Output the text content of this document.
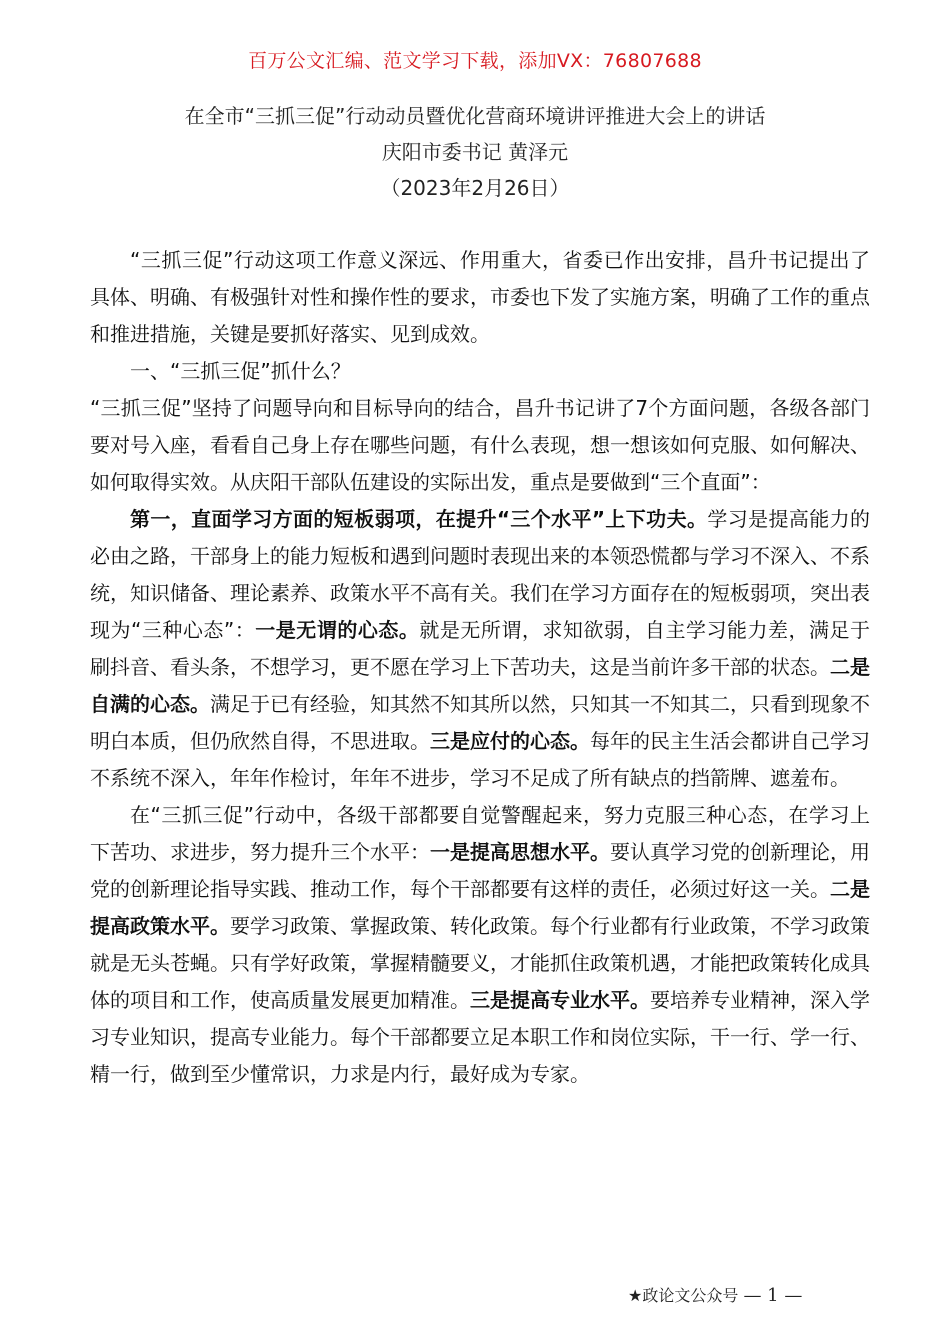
百万公文汇编、范文学习下载，添加VX：76807688
在全市“三抓三促”行动动员暨优化营商环境讲评推进大会上的讲话
庆阳市委书记 黄泽元
（2023年2月26日）

“三抓三促”行动这项工作意义深远、作用重大，省委已作出安排，昌升书记提出了具体、明确、有极强针对性和操作性的要求，市委也下发了实施方案，明确了工作的重点和推进措施，关键是要抓好落实、见到成效。

一、“三抓三促”抓什么？

“三抓三促”坚持了问题导向和目标导向的结合，昌升书记讲了7个方面问题，各级各部门要对号入座，看看自己身上存在哪些问题，有什么表现，想一想该如何克服、如何解决、如何取得实效。从庆阳干部队伍建设的实际出发，重点是要做到“三个直面”：

第一，直面学习方面的短板弱项，在提升“三个水平”上下功夫。学习是提高能力的必由之路，干部身上的能力短板和遇到问题时表现出来的本领恐慌都与学习不深入、不系统，知识储备、理论素养、政策水平不高有关。我们在学习方面存在的短板弱项，突出表现为“三种心态”：一是无谓的心态。就是无所谓，求知欲弱，自主学习能力差，满足于刷抖音、看头条，不想学习，更不愿在学习上下苦功夫，这是当前许多干部的状态。二是自满的心态。满足于已有经验，知其然不知其所以然，只知其一不知其二，只看到现象不明白本质，但仍欣然自得，不思进取。三是应付的心态。每年的民主生活会都讲自己学习不系统不深入，年年作检讨，年年不进步，学习不足成了所有缺点的挡箭牌、遮羞布。

在“三抓三促”行动中，各级干部都要自觉警醒起来，努力克服三种心态，在学习上下苦功、求进步，努力提升三个水平：一是提高思想水平。要认真学习党的创新理论，用党的创新理论指导实践、推动工作，每个干部都要有这样的责任，必须过好这一关。二是提高政策水平。要学习政策、掌握政策、转化政策。每个行业都有行业政策，不学习政策就是无头苍蝇。只有学好政策，掌握精髓要义，才能抓住政策机遇，才能把政策转化成具体的项目和工作，使高质量发展更加精准。三是提高专业水平。要培养专业精神，深入学习专业知识，提高专业能力。每个干部都要立足本职工作和岗位实际，干一行、学一行、精一行，做到至少懂常识，力求是内行，最好成为专家。

★政论文公众号 — 1 —
